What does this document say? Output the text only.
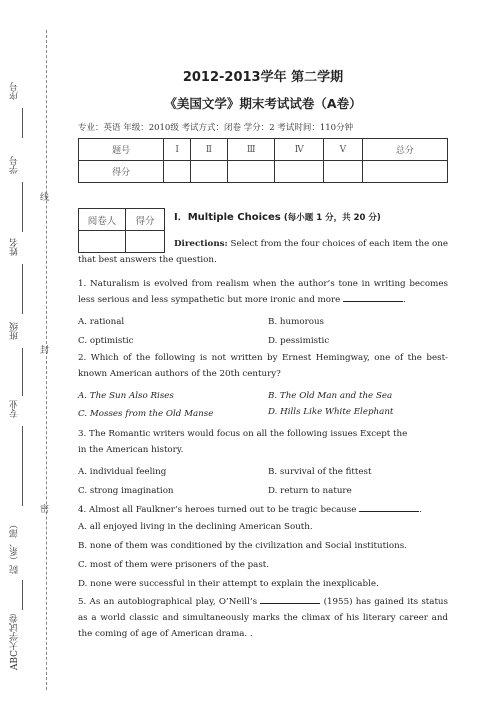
序号
学号
姓名
班级
专业
院（系、部）
ABC大学试卷
线
封
密
2012-2013学年 第二学期
《美国文学》期末考试试卷（A卷）
专业：英语 年级：2010级 考试方式：闭卷 学分：2 考试时间：110分钟
题号	Ⅰ	Ⅱ	Ⅲ	Ⅳ	Ⅴ	总分
得分						
阅卷人	得分
	Ⅰ．Multiple Choices (每小题 1 分，共 20 分)
Directions: Select from the four choices of each item the one that best answers the question.
1. Naturalism is evolved from realism when the author’s tone in writing becomes less serious and less sympathetic but more ironic and more	.
A. rational	B. humorous
C. optimistic	D. pessimistic
2. Which of the following is not written by Ernest Hemingway, one of the best-known American authors of the 20th century?
A. The Sun Also Rises	B. The Old Man and the Sea
C. Mosses from the Old Manse	D. Hills Like White Elephant
3. The Romantic writers would focus on all the following issues Except the
in the American history.
A. individual feeling	B. survival of the fittest
C. strong imagination	D. return to nature
4. Almost all Faulkner’s heroes turned out to be tragic because	.
A. all enjoyed living in the declining American South.
B. none of them was conditioned by the civilization and Social institutions.
C. most of them were prisoners of the past.
D. none were successful in their attempt to explain the inexplicable.
5. As an autobiographical play, O’Neill’s	(1955) has gained its status as a world classic and simultaneously marks the climax of his literary career and the coming of age of American drama. .
